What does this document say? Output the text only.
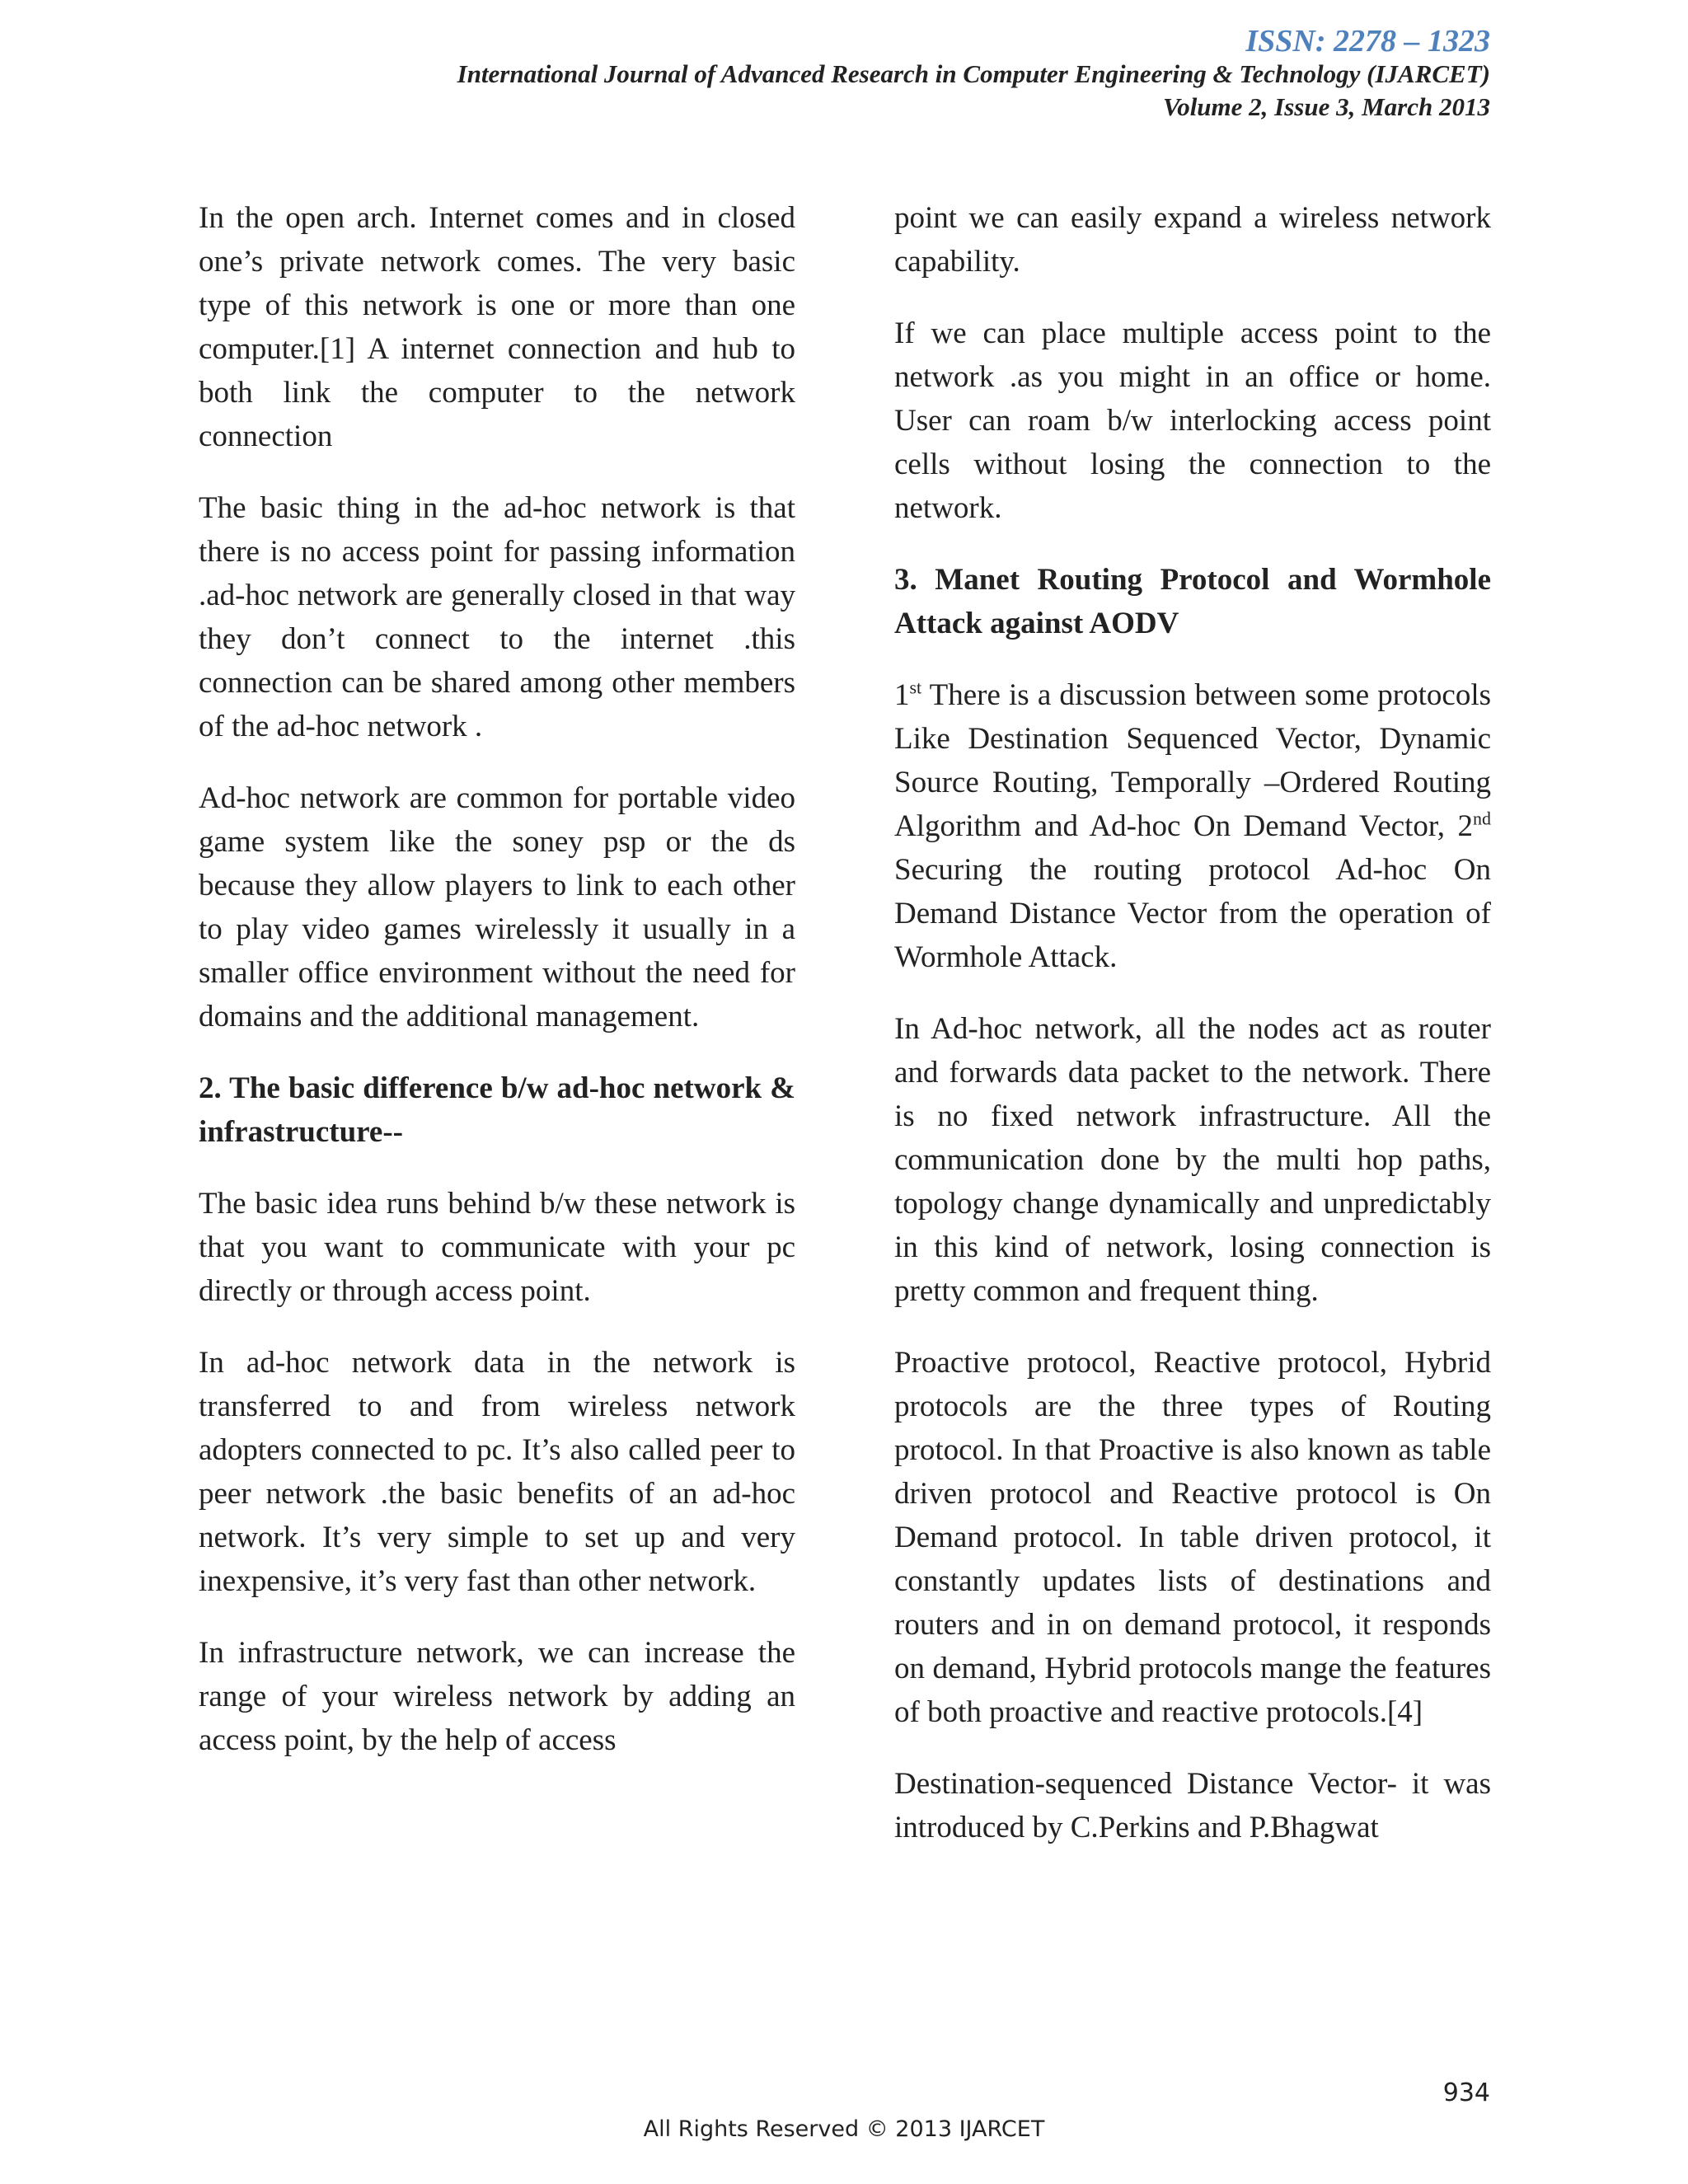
ISSN: 2278 – 1323
International Journal of Advanced Research in Computer Engineering & Technology (IJARCET)
Volume 2, Issue 3, March 2013

In the open arch. Internet comes and in closed one’s private network comes. The very basic type of this network is one or more than one computer.[1] A internet connection and hub to both link the computer to the network connection

The basic thing in the ad-hoc network is that there is no access point for passing information .ad-hoc network are generally closed in that way they don’t connect to the internet .this connection can be shared among other members of the ad-hoc network .

Ad-hoc network are common for portable video game system like the soney psp or the ds because they allow players to link to each other to play video games wirelessly it usually in a smaller office environment without the need for domains and the additional management.

2. The basic difference b/w ad-hoc network & infrastructure--

The basic idea runs behind b/w these network is that you want to communicate with your pc directly or through access point.

In ad-hoc network data in the network is transferred to and from wireless network adopters connected to pc. It’s also called peer to peer network .the basic benefits of an ad-hoc network. It’s very simple to set up and very inexpensive, it’s very fast than other network.

In infrastructure network, we can increase the range of your wireless network by adding an access point, by the help of access

point we can easily expand a wireless network capability.

If we can place multiple access point to the network .as you might in an office or home. User can roam b/w interlocking access point cells without losing the connection to the network.

3. Manet Routing Protocol and Wormhole Attack against AODV

1st There is a discussion between some protocols Like Destination Sequenced Vector, Dynamic Source Routing, Temporally –Ordered Routing Algorithm and Ad-hoc On Demand Vector, 2nd Securing the routing protocol Ad-hoc On Demand Distance Vector from the operation of Wormhole Attack.

In Ad-hoc network, all the nodes act as router and forwards data packet to the network. There is no fixed network infrastructure. All the communication done by the multi hop paths, topology change dynamically and unpredictably in this kind of network, losing connection is pretty common and frequent thing.

Proactive protocol, Reactive protocol, Hybrid protocols are the three types of Routing protocol. In that Proactive is also known as table driven protocol and Reactive protocol is On Demand protocol. In table driven protocol, it constantly updates lists of destinations and routers and in on demand protocol, it responds on demand, Hybrid protocols mange the features of both proactive and reactive protocols.[4]

Destination-sequenced Distance Vector- it was introduced by C.Perkins and P.Bhagwat

934
All Rights Reserved © 2013 IJARCET
